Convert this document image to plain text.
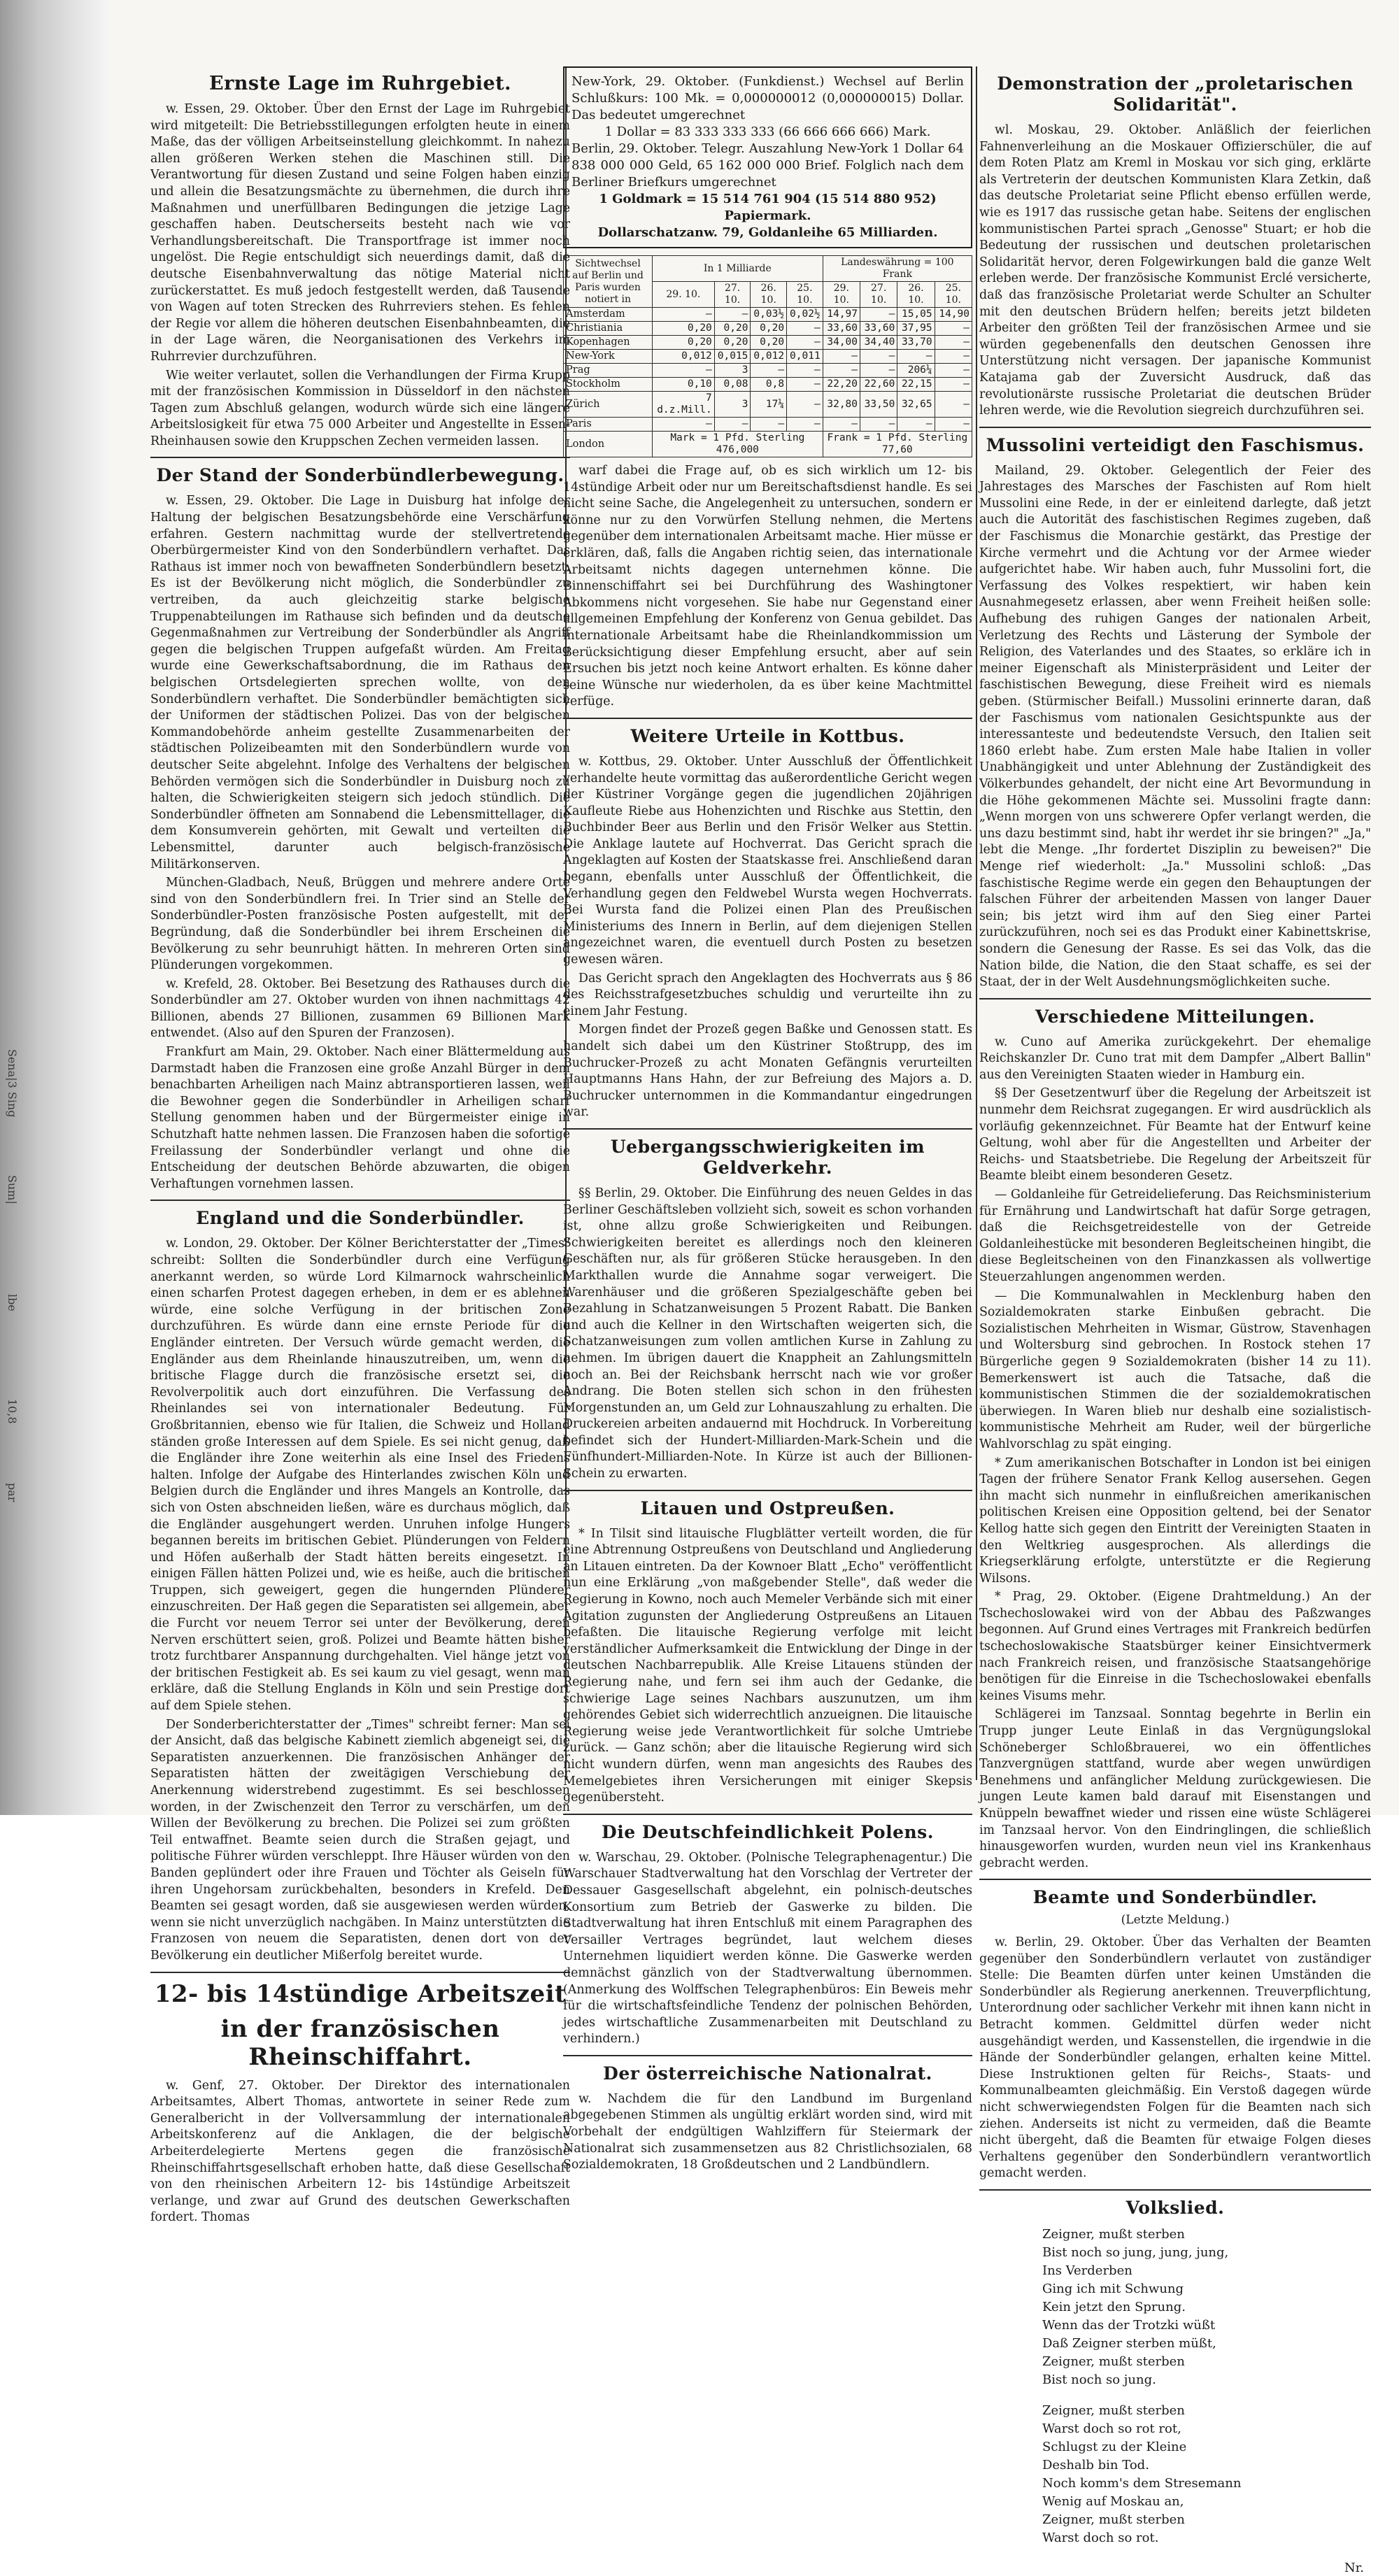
Sena|3 Sing
Sum|
lbe
10,8
par
Ernste Lage im Ruhrgebiet.

w. Essen, 29. Oktober. Über den Ernst der Lage im Ruhrgebiet wird mitgeteilt: Die Betriebsstillegungen erfolgten heute in einem Maße, das der völligen Arbeitseinstellung gleichkommt. In nahezu allen größeren Werken stehen die Maschinen still. Die Verantwortung für diesen Zustand und seine Folgen haben einzig und allein die Besatzungsmächte zu übernehmen, die durch ihre Maßnahmen und unerfüllbaren Bedingungen die jetzige Lage geschaffen haben. Deutscherseits besteht nach wie vor Verhandlungsbereitschaft. Die Transportfrage ist immer noch ungelöst. Die Regie entschuldigt sich neuerdings damit, daß die deutsche Eisenbahnverwaltung das nötige Material nicht zurückerstattet. Es muß jedoch festgestellt werden, daß Tausende von Wagen auf toten Strecken des Ruhrreviers stehen. Es fehlen der Regie vor allem die höheren deutschen Eisenbahnbeamten, die in der Lage wären, die Neorganisationen des Verkehrs im Ruhrrevier durchzuführen.

Wie weiter verlautet, sollen die Verhandlungen der Firma Krupp mit der französischen Kommission in Düsseldorf in den nächsten Tagen zum Abschluß gelangen, wodurch würde sich eine längere Arbeitslosigkeit für etwa 75 000 Arbeiter und Angestellte in Essen-Rheinhausen sowie den Kruppschen Zechen vermeiden lassen.

Der Stand der Sonderbündlerbewegung.

w. Essen, 29. Oktober. Die Lage in Duisburg hat infolge der Haltung der belgischen Besatzungsbehörde eine Verschärfung erfahren. Gestern nachmittag wurde der stellvertretende Oberbürgermeister Kind von den Sonderbündlern verhaftet. Das Rathaus ist immer noch von bewaffneten Sonderbündlern besetzt. Es ist der Bevölkerung nicht möglich, die Sonderbündler zu vertreiben, da auch gleichzeitig starke belgische Truppenabteilungen im Rathause sich befinden und da deutsche Gegenmaßnahmen zur Vertreibung der Sonderbündler als Angriff gegen die belgischen Truppen aufgefaßt würden. Am Freitag wurde eine Gewerkschaftsabordnung, die im Rathaus den belgischen Ortsdelegierten sprechen wollte, von den Sonderbündlern verhaftet. Die Sonderbündler bemächtigten sich der Uniformen der städtischen Polizei. Das von der belgischen Kommandobehörde anheim gestellte Zusammenarbeiten der städtischen Polizeibeamten mit den Sonderbündlern wurde von deutscher Seite abgelehnt. Infolge des Verhaltens der belgischen Behörden vermögen sich die Sonderbündler in Duisburg noch zu halten, die Schwierigkeiten steigern sich jedoch stündlich. Die Sonderbündler öffneten am Sonnabend die Lebensmittellager, die dem Konsumverein gehörten, mit Gewalt und verteilten die Lebensmittel, darunter auch belgisch-französische Militärkonserven.

München-Gladbach, Neuß, Brüggen und mehrere andere Orte sind von den Sonderbündlern frei. In Trier sind an Stelle der Sonderbündler-Posten französische Posten aufgestellt, mit der Begründung, daß die Sonderbündler bei ihrem Erscheinen die Bevölkerung zu sehr beunruhigt hätten. In mehreren Orten sind Plünderungen vorgekommen.

w. Krefeld, 28. Oktober. Bei Besetzung des Rathauses durch die Sonderbündler am 27. Oktober wurden von ihnen nachmittags 42 Billionen, abends 27 Billionen, zusammen 69 Billionen Mark entwendet. (Also auf den Spuren der Franzosen).

Frankfurt am Main, 29. Oktober. Nach einer Blättermeldung aus Darmstadt haben die Franzosen eine große Anzahl Bürger in dem benachbarten Arheiligen nach Mainz abtransportieren lassen, weil die Bewohner gegen die Sonderbündler in Arheiligen scharf Stellung genommen haben und der Bürgermeister einige in Schutzhaft hatte nehmen lassen. Die Franzosen haben die sofortige Freilassung der Sonderbündler verlangt und ohne die Entscheidung der deutschen Behörde abzuwarten, die obigen Verhaftungen vornehmen lassen.

England und die Sonderbündler.

w. London, 29. Oktober. Der Kölner Berichterstatter der „Times" schreibt: Sollten die Sonderbündler durch eine Verfügung anerkannt werden, so würde Lord Kilmarnock wahrscheinlich einen scharfen Protest dagegen erheben, in dem er es ablehnen würde, eine solche Verfügung in der britischen Zone durchzuführen. Es würde dann eine ernste Periode für die Engländer eintreten. Der Versuch würde gemacht werden, die Engländer aus dem Rheinlande hinauszutreiben, um, wenn die britische Flagge durch die französische ersetzt sei, die Revolverpolitik auch dort einzuführen. Die Verfassung des Rheinlandes sei von internationaler Bedeutung. Für Großbritannien, ebenso wie für Italien, die Schweiz und Holland ständen große Interessen auf dem Spiele. Es sei nicht genug, daß die Engländer ihre Zone weiterhin als eine Insel des Friedens halten. Infolge der Aufgabe des Hinterlandes zwischen Köln und Belgien durch die Engländer und ihres Mangels an Kontrolle, das sich von Osten abschneiden ließen, wäre es durchaus möglich, daß die Engländer ausgehungert werden. Unruhen infolge Hungers begannen bereits im britischen Gebiet. Plünderungen von Feldern und Höfen außerhalb der Stadt hätten bereits eingesetzt. In einigen Fällen hätten Polizei und, wie es heiße, auch die britischen Truppen, sich geweigert, gegen die hungernden Plünderer einzuschreiten. Der Haß gegen die Separatisten sei allgemein, aber die Furcht vor neuem Terror sei unter der Bevölkerung, deren Nerven erschüttert seien, groß. Polizei und Beamte hätten bisher trotz furchtbarer Anspannung durchgehalten. Viel hänge jetzt von der britischen Festigkeit ab. Es sei kaum zu viel gesagt, wenn man erkläre, daß die Stellung Englands in Köln und sein Prestige dort auf dem Spiele stehen.

Der Sonderberichterstatter der „Times" schreibt ferner: Man sei der Ansicht, daß das belgische Kabinett ziemlich abgeneigt sei, die Separatisten anzuerkennen. Die französischen Anhänger der Separatisten hätten der zweitägigen Verschiebung der Anerkennung widerstrebend zugestimmt. Es sei beschlossen worden, in der Zwischenzeit den Terror zu verschärfen, um den Willen der Bevölkerung zu brechen. Die Polizei sei zum größten Teil entwaffnet. Beamte seien durch die Straßen gejagt, und politische Führer würden verschleppt. Ihre Häuser würden von den Banden geplündert oder ihre Frauen und Töchter als Geiseln für ihren Ungehorsam zurückbehalten, besonders in Krefeld. Den Beamten sei gesagt worden, daß sie ausgewiesen werden würden, wenn sie nicht unverzüglich nachgäben. In Mainz unterstützten die Franzosen von neuem die Separatisten, denen dort von der Bevölkerung ein deutlicher Mißerfolg bereitet wurde.

12- bis 14stündige Arbeitszeit
in der französischen Rheinschiffahrt.

w. Genf, 27. Oktober. Der Direktor des internationalen Arbeitsamtes, Albert Thomas, antwortete in seiner Rede zum Generalbericht in der Vollversammlung der internationalen Arbeitskonferenz auf die Anklagen, die der belgische Arbeiterdelegierte Mertens gegen die französische Rheinschiffahrtsgesellschaft erhoben hatte, daß diese Gesellschaft von den rheinischen Arbeitern 12- bis 14stündige Arbeitszeit verlange, und zwar auf Grund des deutschen Gewerkschaften fordert. Thomas

New-York, 29. Oktober. (Funkdienst.) Wechsel auf Berlin Schlußkurs: 100 Mk. = 0,000000012 (0,000000015) Dollar. Das bedeutet umgerechnet

1 Dollar = 83 333 333 333 (66 666 666 666) Mark.

Berlin, 29. Oktober. Telegr. Auszahlung New-York 1 Dollar 64 838 000 000 Geld, 65 162 000 000 Brief. Folglich nach dem Berliner Briefkurs umgerechnet

1 Goldmark = 15 514 761 904 (15 514 880 952) Papiermark.

Dollarschatzanw. 79, Goldanleihe 65 Milliarden.

Sichtwechsel auf Berlin und Paris wurden notiert in	In 1 Milliarde				Landeswährung = 100 Frank			
	29. 10.	27. 10.	26. 10.	25. 10.	29. 10.	27. 10.	26. 10.	25. 10.
Amsterdam	—	—	0,03½	0,02½	14,97	—	15,05	14,90
Christiania	0,20	0,20	0,20	—	33,60	33,60	37,95	—
Kopenhagen	0,20	0,20	0,20	—	34,00	34,40	33,70	—
New-York	0,012	0,015	0,012	0,011	—	—	—	—
Prag	—	3	—	—	—	—	206¼	—
Stockholm	0,10	0,08	0,8	—	22,20	22,60	22,15	—
Zürich	7 d.z.Mill.	3	17¼	—	32,80	33,50	32,65	—
Paris	—	—	—	—	—	—	—	—
London	Mark = 1 Pfd. Sterling 476,000				Frank = 1 Pfd. Sterling 77,60			

warf dabei die Frage auf, ob es sich wirklich um 12- bis 14stündige Arbeit oder nur um Bereitschaftsdienst handle. Es sei nicht seine Sache, die Angelegenheit zu untersuchen, sondern er könne nur zu den Vorwürfen Stellung nehmen, die Mertens gegenüber dem internationalen Arbeitsamt mache. Hier müsse er erklären, daß, falls die Angaben richtig seien, das internationale Arbeitsamt nichts dagegen unternehmen könne. Die Binnenschiffahrt sei bei Durchführung des Washingtoner Abkommens nicht vorgesehen. Sie habe nur Gegenstand einer allgemeinen Empfehlung der Konferenz von Genua gebildet. Das internationale Arbeitsamt habe die Rheinlandkommission um Berücksichtigung dieser Empfehlung ersucht, aber auf sein Ersuchen bis jetzt noch keine Antwort erhalten. Es könne daher seine Wünsche nur wiederholen, da es über keine Machtmittel verfüge.

Weitere Urteile in Kottbus.

w. Kottbus, 29. Oktober. Unter Ausschluß der Öffentlichkeit verhandelte heute vormittag das außerordentliche Gericht wegen der Küstriner Vorgänge gegen die jugendlichen 20jährigen Kaufleute Riebe aus Hohenzichten und Rischke aus Stettin, den Buchbinder Beer aus Berlin und den Frisör Welker aus Stettin. Die Anklage lautete auf Hochverrat. Das Gericht sprach die Angeklagten auf Kosten der Staatskasse frei. Anschließend daran begann, ebenfalls unter Ausschluß der Öffentlichkeit, die Verhandlung gegen den Feldwebel Wursta wegen Hochverrats. Bei Wursta fand die Polizei einen Plan des Preußischen Ministeriums des Innern in Berlin, auf dem diejenigen Stellen angezeichnet waren, die eventuell durch Posten zu besetzen gewesen wären.

Das Gericht sprach den Angeklagten des Hochverrats aus § 86 des Reichsstrafgesetzbuches schuldig und verurteilte ihn zu einem Jahr Festung.

Morgen findet der Prozeß gegen Baßke und Genossen statt. Es handelt sich dabei um den Küstriner Stoßtrupp, des im Buchrucker-Prozeß zu acht Monaten Gefängnis verurteilten Hauptmanns Hans Hahn, der zur Befreiung des Majors a. D. Buchrucker unternommen in die Kommandantur eingedrungen war.

Uebergangsschwierigkeiten im Geldverkehr.

§§ Berlin, 29. Oktober. Die Einführung des neuen Geldes in das Berliner Geschäftsleben vollzieht sich, soweit es schon vorhanden ist, ohne allzu große Schwierigkeiten und Reibungen. Schwierigkeiten bereitet es allerdings noch den kleineren Geschäften nur, als für größeren Stücke herausgeben. In den Markthallen wurde die Annahme sogar verweigert. Die Warenhäuser und die größeren Spezialgeschäfte geben bei Bezahlung in Schatzanweisungen 5 Prozent Rabatt. Die Banken und auch die Kellner in den Wirtschaften weigerten sich, die Schatzanweisungen zum vollen amtlichen Kurse in Zahlung zu nehmen. Im übrigen dauert die Knappheit an Zahlungsmitteln noch an. Bei der Reichsbank herrscht nach wie vor großer Andrang. Die Boten stellen sich schon in den frühesten Morgenstunden an, um Geld zur Lohnauszahlung zu erhalten. Die Druckereien arbeiten andauernd mit Hochdruck. In Vorbereitung befindet sich der Hundert-Milliarden-Mark-Schein und die Fünfhundert-Milliarden-Note. In Kürze ist auch der Billionen-Schein zu erwarten.

Litauen und Ostpreußen.

* In Tilsit sind litauische Flugblätter verteilt worden, die für eine Abtrennung Ostpreußens von Deutschland und Angliederung an Litauen eintreten. Da der Kownoer Blatt „Echo" veröffentlicht nun eine Erklärung „von maßgebender Stelle", daß weder die Regierung in Kowno, noch auch Memeler Verbände sich mit einer Agitation zugunsten der Angliederung Ostpreußens an Litauen befaßten. Die litauische Regierung verfolge mit leicht verständlicher Aufmerksamkeit die Entwicklung der Dinge in der deutschen Nachbarrepublik. Alle Kreise Litauens stünden der Regierung nahe, und fern sei ihm auch der Gedanke, die schwierige Lage seines Nachbars auszunutzen, um ihm gehörendes Gebiet sich widerrechtlich anzueignen. Die litauische Regierung weise jede Verantwortlichkeit für solche Umtriebe zurück. — Ganz schön; aber die litauische Regierung wird sich nicht wundern dürfen, wenn man angesichts des Raubes des Memelgebietes ihren Versicherungen mit einiger Skepsis gegenübersteht.

Die Deutschfeindlichkeit Polens.

w. Warschau, 29. Oktober. (Polnische Telegraphenagentur.) Die Warschauer Stadtverwaltung hat den Vorschlag der Vertreter der Dessauer Gasgesellschaft abgelehnt, ein polnisch-deutsches Konsortium zum Betrieb der Gaswerke zu bilden. Die Stadtverwaltung hat ihren Entschluß mit einem Paragraphen des Versailler Vertrages begründet, laut welchem dieses Unternehmen liquidiert werden könne. Die Gaswerke werden demnächst gänzlich von der Stadtverwaltung übernommen. (Anmerkung des Wolffschen Telegraphenbüros: Ein Beweis mehr für die wirtschaftsfeindliche Tendenz der polnischen Behörden, jedes wirtschaftliche Zusammenarbeiten mit Deutschland zu verhindern.)

Der österreichische Nationalrat.

w. Nachdem die für den Landbund im Burgenland abgegebenen Stimmen als ungültig erklärt worden sind, wird mit Vorbehalt der endgültigen Wahlziffern für Steiermark der Nationalrat sich zusammensetzen aus 82 Christlichsozialen, 68 Sozialdemokraten, 18 Großdeutschen und 2 Landbündlern.

Demonstration der „proletarischen Solidarität".

wl. Moskau, 29. Oktober. Anläßlich der feierlichen Fahnenverleihung an die Moskauer Offizierschüler, die auf dem Roten Platz am Kreml in Moskau vor sich ging, erklärte als Vertreterin der deutschen Kommunisten Klara Zetkin, daß das deutsche Proletariat seine Pflicht ebenso erfüllen werde, wie es 1917 das russische getan habe. Seitens der englischen kommunistischen Partei sprach „Genosse" Stuart; er hob die Bedeutung der russischen und deutschen proletarischen Solidarität hervor, deren Folgewirkungen bald die ganze Welt erleben werde. Der französische Kommunist Erclé versicherte, daß das französische Proletariat werde Schulter an Schulter mit den deutschen Brüdern helfen; bereits jetzt bildeten Arbeiter den größten Teil der französischen Armee und sie würden gegebenenfalls den deutschen Genossen ihre Unterstützung nicht versagen. Der japanische Kommunist Katajama gab der Zuversicht Ausdruck, daß das revolutionärste russische Proletariat die deutschen Brüder lehren werde, wie die Revolution siegreich durchzuführen sei.

Mussolini verteidigt den Faschismus.

Mailand, 29. Oktober. Gelegentlich der Feier des Jahrestages des Marsches der Faschisten auf Rom hielt Mussolini eine Rede, in der er einleitend darlegte, daß jetzt auch die Autorität des faschistischen Regimes zugeben, daß der Faschismus die Monarchie gestärkt, das Prestige der Kirche vermehrt und die Achtung vor der Armee wieder aufgerichtet habe. Wir haben auch, fuhr Mussolini fort, die Verfassung des Volkes respektiert, wir haben kein Ausnahmegesetz erlassen, aber wenn Freiheit heißen solle: Aufhebung des ruhigen Ganges der nationalen Arbeit, Verletzung des Rechts und Lästerung der Symbole der Religion, des Vaterlandes und des Staates, so erkläre ich in meiner Eigenschaft als Ministerpräsident und Leiter der faschistischen Bewegung, diese Freiheit wird es niemals geben. (Stürmischer Beifall.) Mussolini erinnerte daran, daß der Faschismus vom nationalen Gesichtspunkte aus der interessanteste und bedeutendste Versuch, den Italien seit 1860 erlebt habe. Zum ersten Male habe Italien in voller Unabhängigkeit und unter Ablehnung der Zuständigkeit des Völkerbundes gehandelt, der nicht eine Art Bevormundung in die Höhe gekommenen Mächte sei. Mussolini fragte dann: „Wenn morgen von uns schwerere Opfer verlangt werden, die uns dazu bestimmt sind, habt ihr werdet ihr sie bringen?" „Ja," lebt die Menge. „Ihr fordertet Disziplin zu beweisen?" Die Menge rief wiederholt: „Ja." Mussolini schloß: „Das faschistische Regime werde ein gegen den Behauptungen der falschen Führer der arbeitenden Massen von langer Dauer sein; bis jetzt wird ihm auf den Sieg einer Partei zurückzuführen, noch sei es das Produkt einer Kabinettskrise, sondern die Genesung der Rasse. Es sei das Volk, das die Nation bilde, die Nation, die den Staat schaffe, es sei der Staat, der in der Welt Ausdehnungsmöglichkeiten suche.

Verschiedene Mitteilungen.

w. Cuno auf Amerika zurückgekehrt. Der ehemalige Reichskanzler Dr. Cuno trat mit dem Dampfer „Albert Ballin" aus den Vereinigten Staaten wieder in Hamburg ein.

§§ Der Gesetzentwurf über die Regelung der Arbeitszeit ist nunmehr dem Reichsrat zugegangen. Er wird ausdrücklich als vorläufig gekennzeichnet. Für Beamte hat der Entwurf keine Geltung, wohl aber für die Angestellten und Arbeiter der Reichs- und Staatsbetriebe. Die Regelung der Arbeitszeit für Beamte bleibt einem besonderen Gesetz.

— Goldanleihe für Getreidelieferung. Das Reichsministerium für Ernährung und Landwirtschaft hat dafür Sorge getragen, daß die Reichsgetreidestelle von der Getreide Goldanleihestücke mit besonderen Begleitscheinen hingibt, die diese Begleitscheinen von den Finanzkassen als vollwertige Steuerzahlungen angenommen werden.

— Die Kommunalwahlen in Mecklenburg haben den Sozialdemokraten starke Einbußen gebracht. Die Sozialistischen Mehrheiten in Wismar, Güstrow, Stavenhagen und Woltersburg sind gebrochen. In Rostock stehen 17 Bürgerliche gegen 9 Sozialdemokraten (bisher 14 zu 11). Bemerkenswert ist auch die Tatsache, daß die kommunistischen Stimmen die der sozialdemokratischen überwiegen. In Waren blieb nur deshalb eine sozialistisch-kommunistische Mehrheit am Ruder, weil der bürgerliche Wahlvorschlag zu spät einging.

* Zum amerikanischen Botschafter in London ist bei einigen Tagen der frühere Senator Frank Kellog ausersehen. Gegen ihn macht sich nunmehr in einflußreichen amerikanischen politischen Kreisen eine Opposition geltend, bei der Senator Kellog hatte sich gegen den Eintritt der Vereinigten Staaten in den Weltkrieg ausgesprochen. Als allerdings die Kriegserklärung erfolgte, unterstützte er die Regierung Wilsons.

* Prag, 29. Oktober. (Eigene Drahtmeldung.) An der Tschechoslowakei wird von der Abbau des Paßzwanges begonnen. Auf Grund eines Vertrages mit Frankreich bedürfen tschechoslowakische Staatsbürger keiner Einsichtvermerk nach Frankreich reisen, und französische Staatsangehörige benötigen für die Einreise in die Tschechoslowakei ebenfalls keines Visums mehr.

Schlägerei im Tanzsaal. Sonntag begehrte in Berlin ein Trupp junger Leute Einlaß in das Vergnügungslokal Schöneberger Schloßbrauerei, wo ein öffentliches Tanzvergnügen stattfand, wurde aber wegen unwürdigen Benehmens und anfänglicher Meldung zurückgewiesen. Die jungen Leute kamen bald darauf mit Eisenstangen und Knüppeln bewaffnet wieder und rissen eine wüste Schlägerei im Tanzsaal hervor. Von den Eindringlingen, die schließlich hinausgeworfen wurden, wurden neun viel ins Krankenhaus gebracht werden.

Beamte und Sonderbündler.
(Letzte Meldung.)

w. Berlin, 29. Oktober. Über das Verhalten der Beamten gegenüber den Sonderbündlern verlautet von zuständiger Stelle: Die Beamten dürfen unter keinen Umständen die Sonderbündler als Regierung anerkennen. Treuverpflichtung, Unterordnung oder sachlicher Verkehr mit ihnen kann nicht in Betracht kommen. Geldmittel dürfen weder nicht ausgehändigt werden, und Kassenstellen, die irgendwie in die Hände der Sonderbündler gelangen, erhalten keine Mittel. Diese Instruktionen gelten für Reichs-, Staats- und Kommunalbeamten gleichmäßig. Ein Verstoß dagegen würde nicht schwerwiegendsten Folgen für die Beamten nach sich ziehen. Anderseits ist nicht zu vermeiden, daß die Beamte nicht übergeht, daß die Beamten für etwaige Folgen dieses Verhaltens gegenüber den Sonderbündlern verantwortlich gemacht werden.

Volkslied.
Zeigner, mußt sterben
Bist noch so jung, jung, jung,
Ins Verderben
Ging ich mit Schwung
Kein jetzt den Sprung.
Wenn das der Trotzki wüßt
Daß Zeigner sterben müßt,
Zeigner, mußt sterben
Bist noch so jung.
Zeigner, mußt sterben
Warst doch so rot rot,
Schlugst zu der Kleine
Deshalb bin Tod.
Noch komm's dem Stresemann
Wenig auf Moskau an,
Zeigner, mußt sterben
Warst doch so rot.
Nr.
